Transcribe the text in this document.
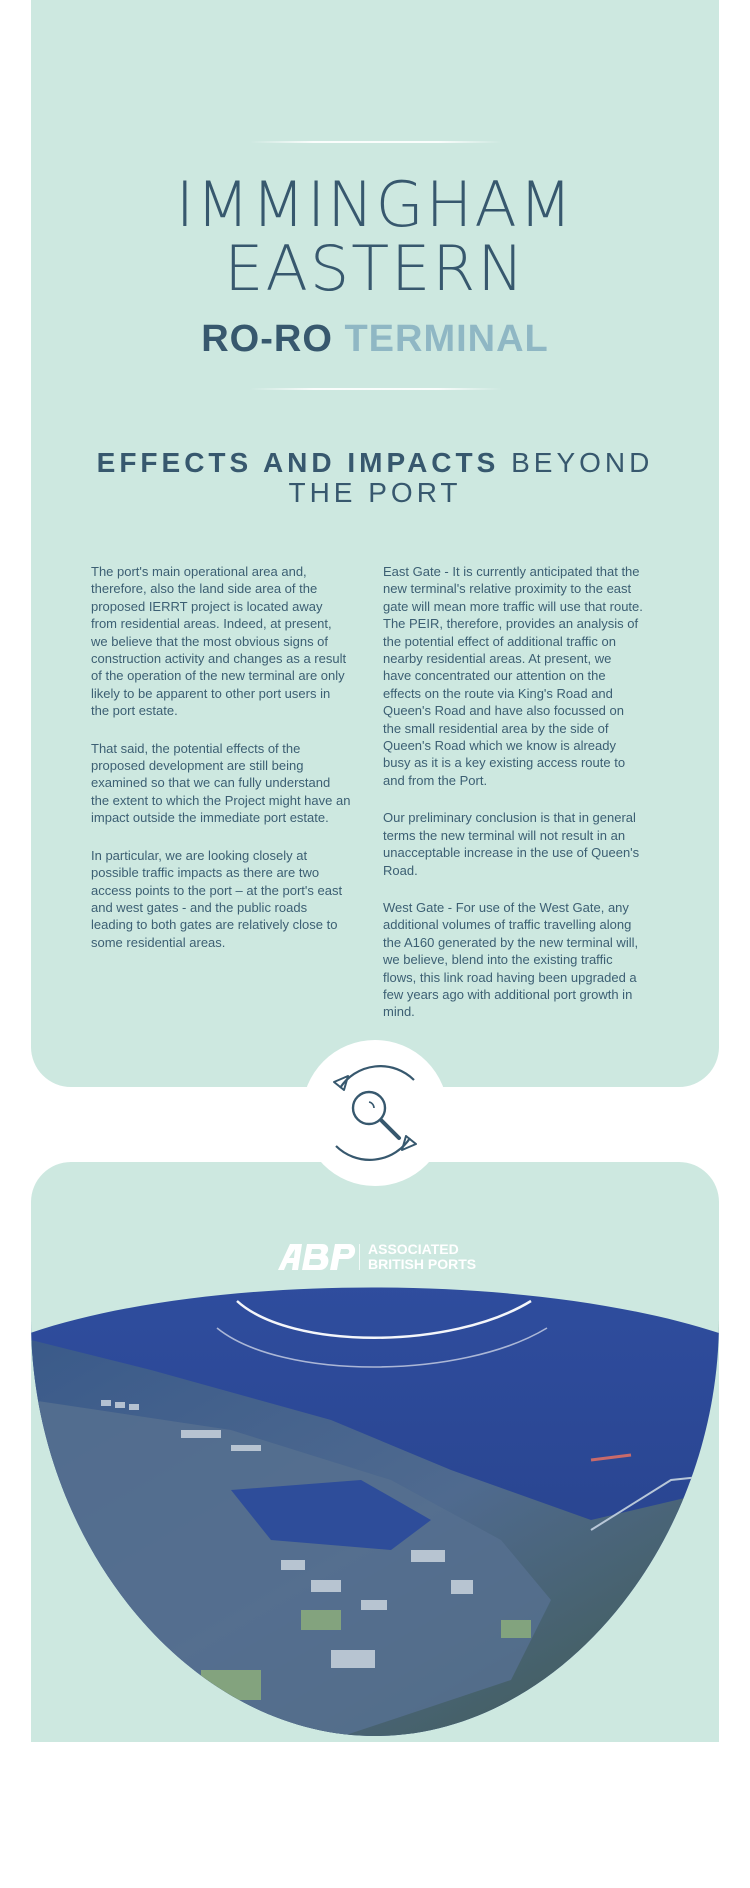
IMMINGHAM
EASTERN
RO-RO TERMINAL
EFFECTS AND IMPACTS BEYOND
THE PORT

The port's main operational area and, therefore, also the land side area of the proposed IERRT project is located away from residential areas. Indeed, at present, we believe that the most obvious signs of construction activity and changes as a result of the operation of the new terminal are only likely to be apparent to other port users in the port estate.

That said, the potential effects of the proposed development are still being examined so that we can fully understand the extent to which the Project might have an impact outside the immediate port estate.

In particular, we are looking closely at possible traffic impacts as there are two access points to the port – at the port's east and west gates - and the public roads leading to both gates are relatively close to some residential areas.

East Gate - It is currently anticipated that the new terminal's relative proximity to the east gate will mean more traffic will use that route. The PEIR, therefore, provides an analysis of the potential effect of additional traffic on nearby residential areas. At present, we have concentrated our attention on the effects on the route via King's Road and Queen's Road and have also focussed on the small residential area by the side of Queen's Road which we know is already busy as it is a key existing access route to and from the Port.

Our preliminary conclusion is that in general terms the new terminal will not result in an unacceptable increase in the use of Queen's Road.

West Gate - For use of the West Gate, any additional volumes of traffic travelling along the A160 generated by the new terminal will, we believe, blend into the existing traffic flows, this link road having been upgraded a few years ago with additional port growth in mind.

ASSOCIATED
BRITISH PORTS
